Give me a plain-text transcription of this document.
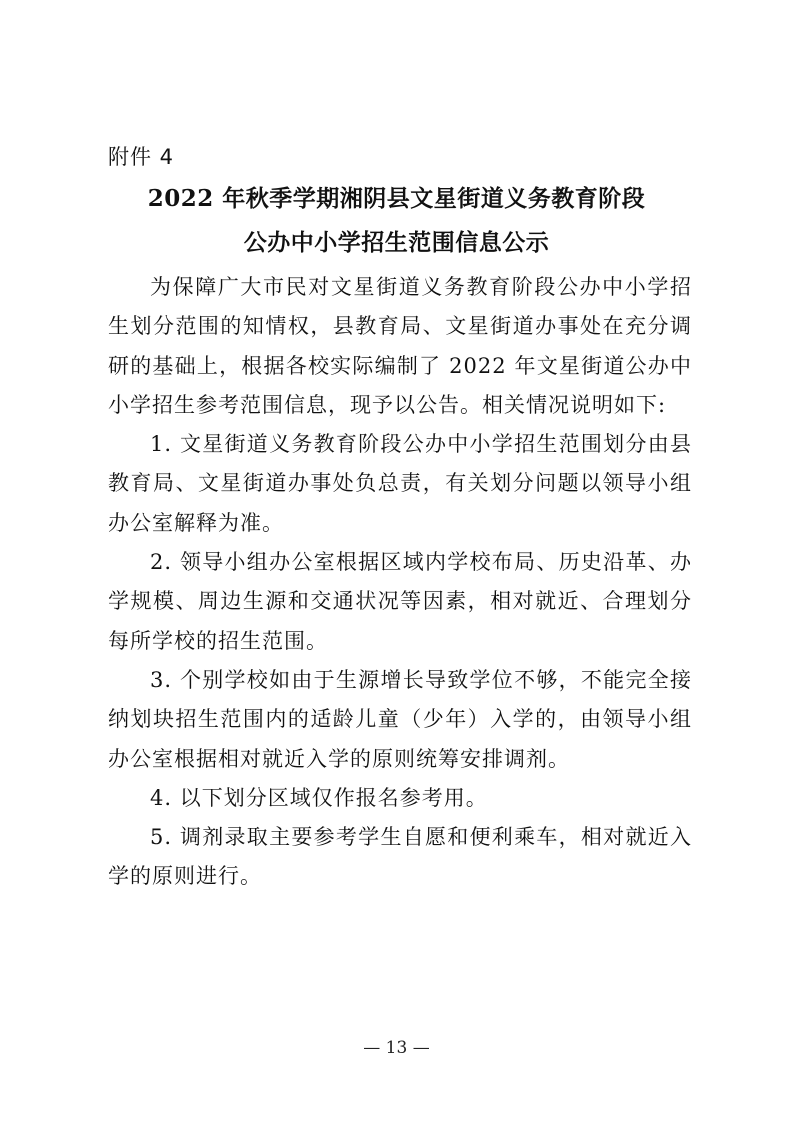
附件 4
2022 年秋季学期湘阴县文星街道义务教育阶段
公办中小学招生范围信息公示

为保障广大市民对文星街道义务教育阶段公办中小学招生划分范围的知情权，县教育局、文星街道办事处在充分调研的基础上，根据各校实际编制了 2022 年文星街道公办中小学招生参考范围信息，现予以公告。相关情况说明如下:

1. 文星街道义务教育阶段公办中小学招生范围划分由县教育局、文星街道办事处负总责，有关划分问题以领导小组办公室解释为准。

2. 领导小组办公室根据区域内学校布局、历史沿革、办学规模、周边生源和交通状况等因素，相对就近、合理划分每所学校的招生范围。

3. 个别学校如由于生源增长导致学位不够，不能完全接纳划块招生范围内的适龄儿童（少年）入学的，由领导小组办公室根据相对就近入学的原则统筹安排调剂。

4. 以下划分区域仅作报名参考用。

5. 调剂录取主要参考学生自愿和便利乘车，相对就近入学的原则进行。

— 13 —
